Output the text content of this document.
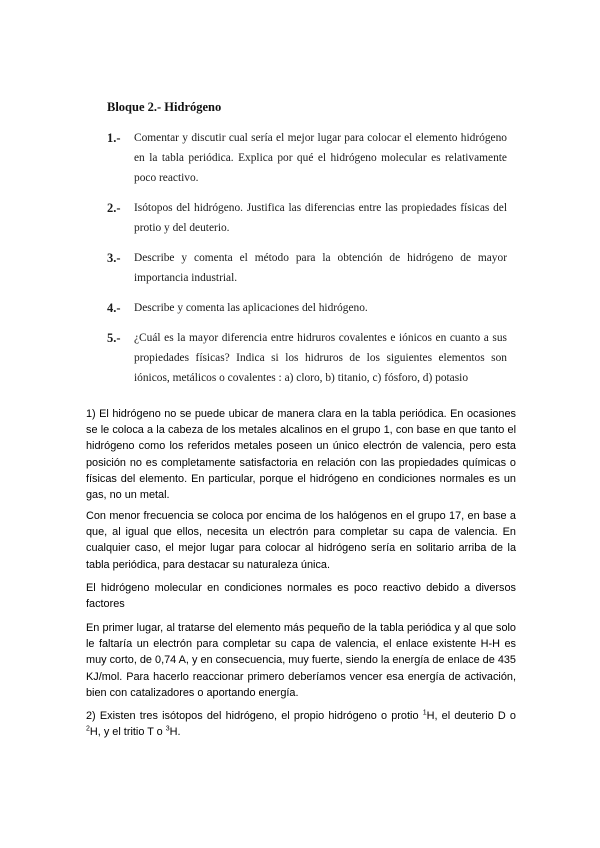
Bloque 2.- Hidrógeno
1.- Comentar y discutir cual sería el mejor lugar para colocar el elemento hidrógeno en la tabla periódica. Explica por qué el hidrógeno molecular es relativamente poco reactivo.
2.- Isótopos del hidrógeno. Justifica las diferencias entre las propiedades físicas del protio y del deuterio.
3.- Describe y comenta el método para la obtención de hidrógeno de mayor importancia industrial.
4.- Describe y comenta las aplicaciones del hidrógeno.
5.- ¿Cuál es la mayor diferencia entre hidruros covalentes e iónicos en cuanto a sus propiedades físicas? Indica si los hidruros de los siguientes elementos son iónicos, metálicos o covalentes : a) cloro, b) titanio, c) fósforo, d) potasio
1) El hidrógeno no se puede ubicar de manera clara en la tabla periódica. En ocasiones se le coloca a la cabeza de los metales alcalinos en el grupo 1, con base en que tanto el hidrógeno como los referidos metales poseen un único electrón de valencia, pero esta posición no es completamente satisfactoria en relación con las propiedades químicas o físicas del elemento. En particular, porque el hidrógeno en condiciones normales es un gas, no un metal.
Con menor frecuencia se coloca por encima de los halógenos en el grupo 17, en base a que, al igual que ellos, necesita un electrón para completar su capa de valencia. En cualquier caso, el mejor lugar para colocar al hidrógeno sería en solitario arriba de la tabla periódica, para destacar su naturaleza única.
El hidrógeno molecular en condiciones normales es poco reactivo debido a diversos factores
En primer lugar, al tratarse del elemento más pequeño de la tabla periódica y al que solo le faltaría un electrón para completar su capa de valencia, el enlace existente H-H es muy corto, de 0,74 A, y en consecuencia, muy fuerte, siendo la energía de enlace de 435 KJ/mol. Para hacerlo reaccionar primero deberíamos vencer esa energía de activación, bien con catalizadores o aportando energía.
2) Existen tres isótopos del hidrógeno, el propio hidrógeno o protio $^1$H, el deuterio D o $^2$H, y el tritio T o $^3$H.
